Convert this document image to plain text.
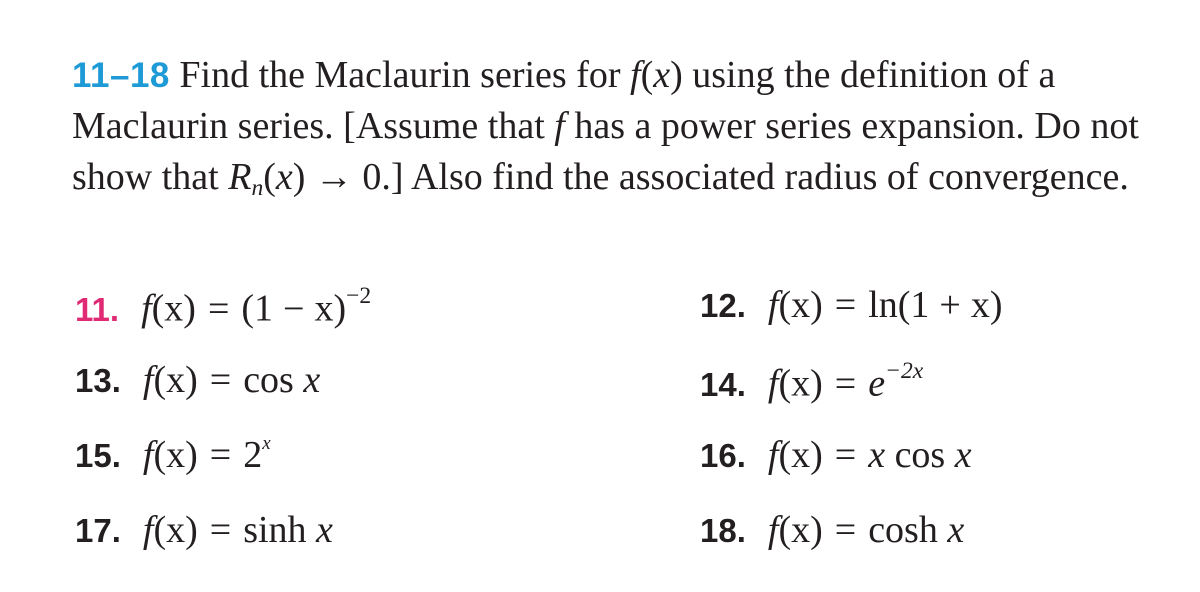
11–18 Find the Maclaurin series for f(x) using the definition of a Maclaurin series. [Assume that f has a power series expansion. Do not show that $R_n(x) \to 0$.] Also find the associated radius of convergence.

11. $f(x) = (1 - x)^{-2}$	12. f(x) = ln(1 + x)
13. f(x) = cos x	14. $f(x) = e^{-2x}$
15. $f(x) = 2^x$	16. f(x) = x cos x
17. f(x) = sinh x	18. f(x) = cosh x
